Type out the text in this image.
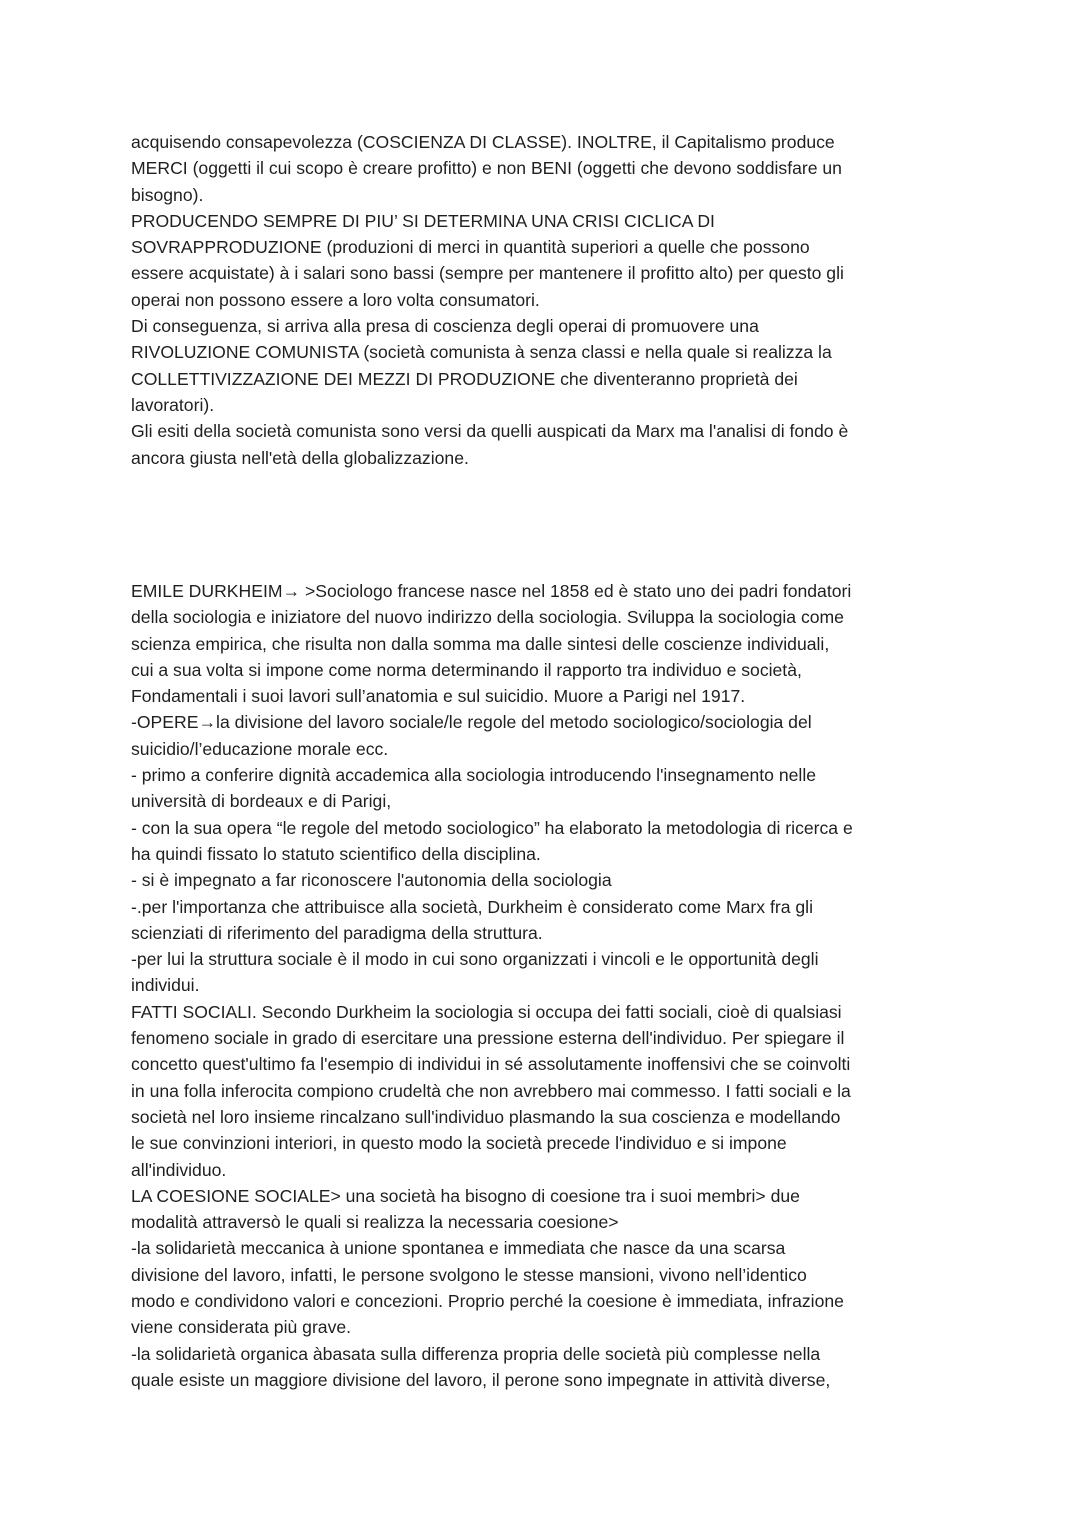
acquisendo consapevolezza (COSCIENZA DI CLASSE). INOLTRE, il Capitalismo produce
MERCI (oggetti il cui scopo è creare profitto) e non BENI (oggetti che devono soddisfare un
bisogno).
PRODUCENDO SEMPRE DI PIU’ SI DETERMINA UNA CRISI CICLICA DI
SOVRAPPRODUZIONE (produzioni di merci in quantità superiori a quelle che possono
essere acquistate) à i salari sono bassi (sempre per mantenere il profitto alto) per questo gli
operai non possono essere a loro volta consumatori.
Di conseguenza, si arriva alla presa di coscienza degli operai di promuovere una
RIVOLUZIONE COMUNISTA (società comunista à senza classi e nella quale si realizza la
COLLETTIVIZZAZIONE DEI MEZZI DI PRODUZIONE che diventeranno proprietà dei
lavoratori).
Gli esiti della società comunista sono versi da quelli auspicati da Marx ma l'analisi di fondo è
ancora giusta nell'età della globalizzazione.
EMILE DURKHEIM→ >Sociologo francese nasce nel 1858 ed è stato uno dei padri fondatori
della sociologia e iniziatore del nuovo indirizzo della sociologia. Sviluppa la sociologia come
scienza empirica, che risulta non dalla somma ma dalle sintesi delle coscienze individuali,
cui a sua volta si impone come norma determinando il rapporto tra individuo e società,
Fondamentali i suoi lavori sull’anatomia e sul suicidio. Muore a Parigi nel 1917.
-OPERE→la divisione del lavoro sociale/le regole del metodo sociologico/sociologia del
suicidio/l’educazione morale ecc.
- primo a conferire dignità accademica alla sociologia introducendo l'insegnamento nelle
università di bordeaux e di Parigi,
- con la sua opera “le regole del metodo sociologico” ha elaborato la metodologia di ricerca e
ha quindi fissato lo statuto scientifico della disciplina.
- si è impegnato a far riconoscere l'autonomia della sociologia
-.per l'importanza che attribuisce alla società, Durkheim è considerato come Marx fra gli
scienziati di riferimento del paradigma della struttura.
-per lui la struttura sociale è il modo in cui sono organizzati i vincoli e le opportunità degli
individui.
FATTI SOCIALI. Secondo Durkheim la sociologia si occupa dei fatti sociali, cioè di qualsiasi
fenomeno sociale in grado di esercitare una pressione esterna dell'individuo. Per spiegare il
concetto quest'ultimo fa l'esempio di individui in sé assolutamente inoffensivi che se coinvolti
in una folla inferocita compiono crudeltà che non avrebbero mai commesso. I fatti sociali e la
società nel loro insieme rincalzano sull'individuo plasmando la sua coscienza e modellando
le sue convinzioni interiori, in questo modo la società precede l'individuo e si impone
all'individuo.
LA COESIONE SOCIALE> una società ha bisogno di coesione tra i suoi membri> due
modalità attraversò le quali si realizza la necessaria coesione>
-la solidarietà meccanica à unione spontanea e immediata che nasce da una scarsa
divisione del lavoro, infatti, le persone svolgono le stesse mansioni, vivono nell’identico
modo e condividono valori e concezioni. Proprio perché la coesione è immediata, infrazione
viene considerata più grave.
-la solidarietà organica àbasata sulla differenza propria delle società più complesse nella
quale esiste un maggiore divisione del lavoro, il perone sono impegnate in attività diverse,
